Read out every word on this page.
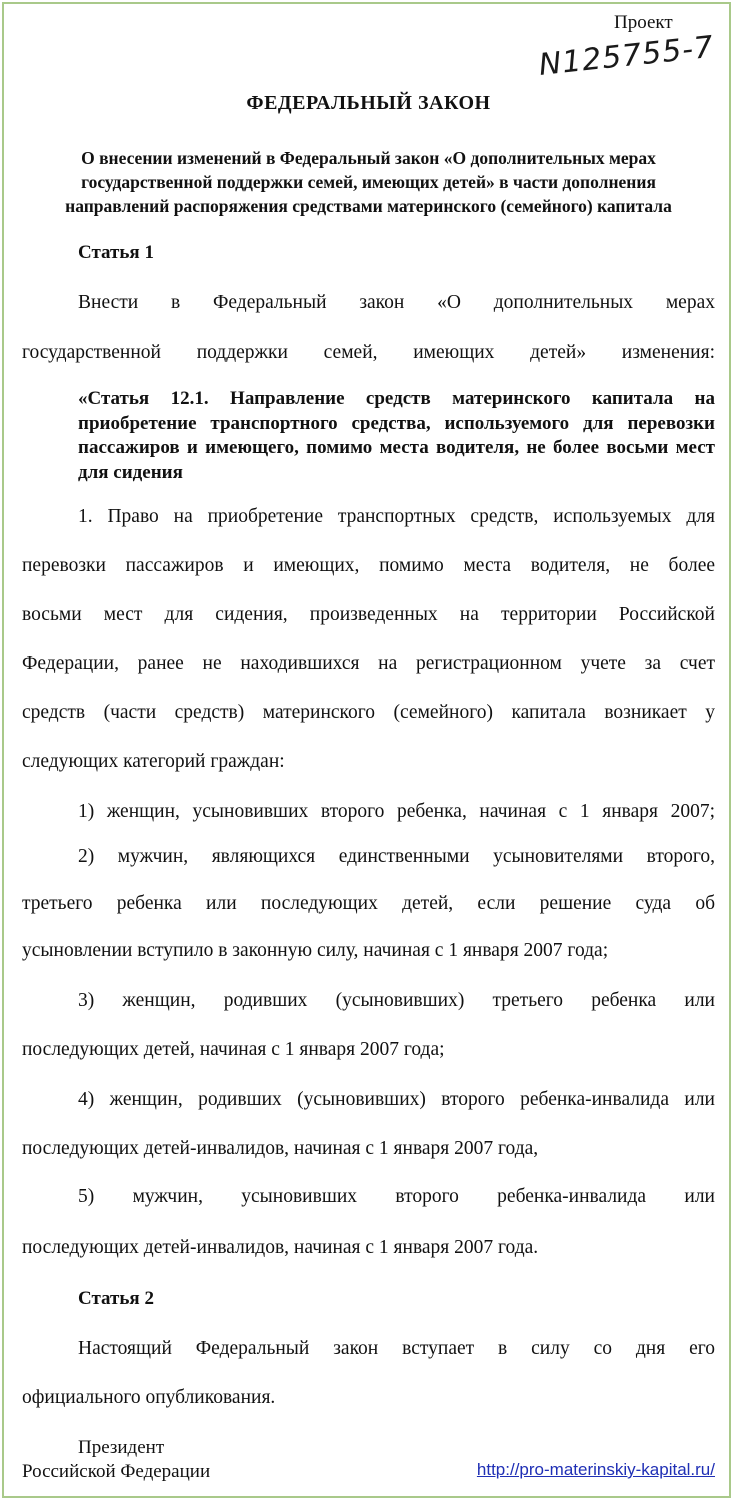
Проект
N125755-7
ФЕДЕРАЛЬНЫЙ ЗАКОН
О внесении изменений в Федеральный закон «О дополнительных мерах
государственной поддержки семей, имеющих детей» в части дополнения
направлений распоряжения средствами материнского (семейного) капитала
Статья 1
Внести в Федеральный закон «О дополнительных мерах
государственной поддержки семей, имеющих детей» изменения:
«Статья 12.1. Направление средств материнского капитала на приобретение транспортного средства, используемого для перевозки пассажиров и имеющего, помимо места водителя, не более восьми мест для сидения
1. Право на приобретение транспортных средств, используемых для
перевозки пассажиров и имеющих, помимо места водителя, не более
восьми мест для сидения, произведенных на территории Российской
Федерации, ранее не находившихся на регистрационном учете за счет
средств (части средств) материнского (семейного) капитала возникает у
следующих категорий граждан:
1) женщин, усыновивших второго ребенка, начиная с 1 января 2007;
2) мужчин, являющихся единственными усыновителями второго,
третьего ребенка или последующих детей, если решение суда об
усыновлении вступило в законную силу, начиная с 1 января 2007 года;
3) женщин, родивших (усыновивших) третьего ребенка или
последующих детей, начиная с 1 января 2007 года;
4) женщин, родивших (усыновивших) второго ребенка-инвалида или
последующих детей-инвалидов, начиная с 1 января 2007 года,
5) мужчин, усыновивших второго ребенка-инвалида или
последующих детей-инвалидов, начиная с 1 января 2007 года.
Статья 2
Настоящий Федеральный закон вступает в силу со дня его
официального опубликования.
Президент
Российской Федерации	http://pro-materinskiy-kapital.ru/
